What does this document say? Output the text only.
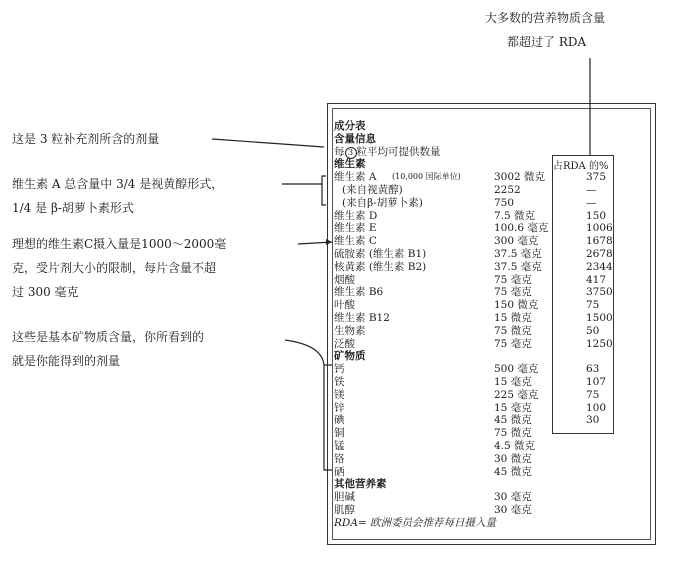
大多数的营养物质含量
都超过了 RDA
这是 3 粒补充剂所含的剂量
维生素 A 总含量中 3/4 是视黄醇形式，
1/4 是 β-胡萝卜素形式
理想的维生素C摄入量是1000～2000毫
克，受片剂大小的限制，每片含量不超
过 300 毫克
这些是基本矿物质含量，你所看到的
就是你能得到的剂量
占RDA 的%
成分表
含量信息
每 3 粒平均可提供数量
维生素
维生素 A (10,000 国际单位)	3002 微克	375
(来自视黄醇)	2252	—
(来自β-胡萝卜素)	750	—
维生素 D	7.5 微克	150
维生素 E	100.6 毫克	1006
维生素 C	300 毫克	1678
硫胺素 (维生素 B1)	37.5 毫克	2678
核黄素 (维生素 B2)	37.5 毫克	2344
烟酸	75 毫克	417
维生素 B6	75 毫克	3750
叶酸	150 微克	75
维生素 B12	15 微克	1500
生物素	75 微克	50
泛酸	75 毫克	1250
矿物质
钙	500 毫克	63
铁	15 毫克	107
镁	225 毫克	75
锌	15 毫克	100
碘	45 微克	30
铜	75 微克
锰	4.5 微克
铬	30 微克
硒	45 微克
其他营养素
胆碱	30 毫克
肌醇	30 毫克
RDA= 欧洲委员会推荐每日摄入量
